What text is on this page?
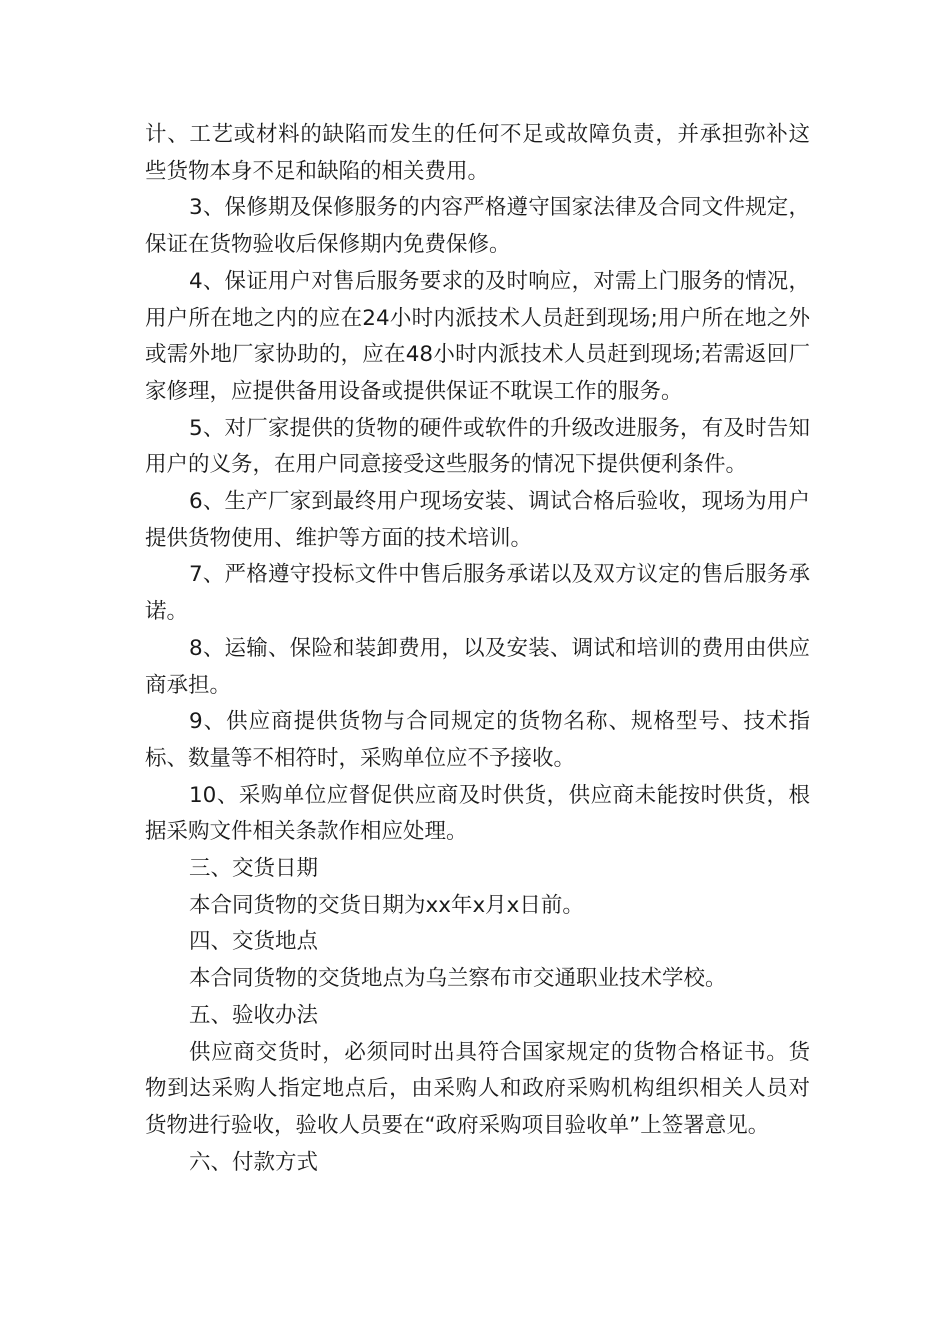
计、工艺或材料的缺陷而发生的任何不足或故障负责，并承担弥补这些货物本身不足和缺陷的相关费用。

3、保修期及保修服务的内容严格遵守国家法律及合同文件规定，保证在货物验收后保修期内免费保修。

4、保证用户对售后服务要求的及时响应，对需上门服务的情况，用户所在地之内的应在24小时内派技术人员赶到现场;用户所在地之外或需外地厂家协助的，应在48小时内派技术人员赶到现场;若需返回厂家修理，应提供备用设备或提供保证不耽误工作的服务。

5、对厂家提供的货物的硬件或软件的升级改进服务，有及时告知用户的义务，在用户同意接受这些服务的情况下提供便利条件。

6、生产厂家到最终用户现场安装、调试合格后验收，现场为用户提供货物使用、维护等方面的技术培训。

7、严格遵守投标文件中售后服务承诺以及双方议定的售后服务承诺。

8、运输、保险和装卸费用，以及安装、调试和培训的费用由供应商承担。

9、供应商提供货物与合同规定的货物名称、规格型号、技术指标、数量等不相符时，采购单位应不予接收。

10、采购单位应督促供应商及时供货，供应商未能按时供货，根据采购文件相关条款作相应处理。

三、交货日期

本合同货物的交货日期为xx年x月x日前。

四、交货地点

本合同货物的交货地点为乌兰察布市交通职业技术学校。

五、验收办法

供应商交货时，必须同时出具符合国家规定的货物合格证书。货物到达采购人指定地点后，由采购人和政府采购机构组织相关人员对货物进行验收，验收人员要在“政府采购项目验收单”上签署意见。

六、付款方式
